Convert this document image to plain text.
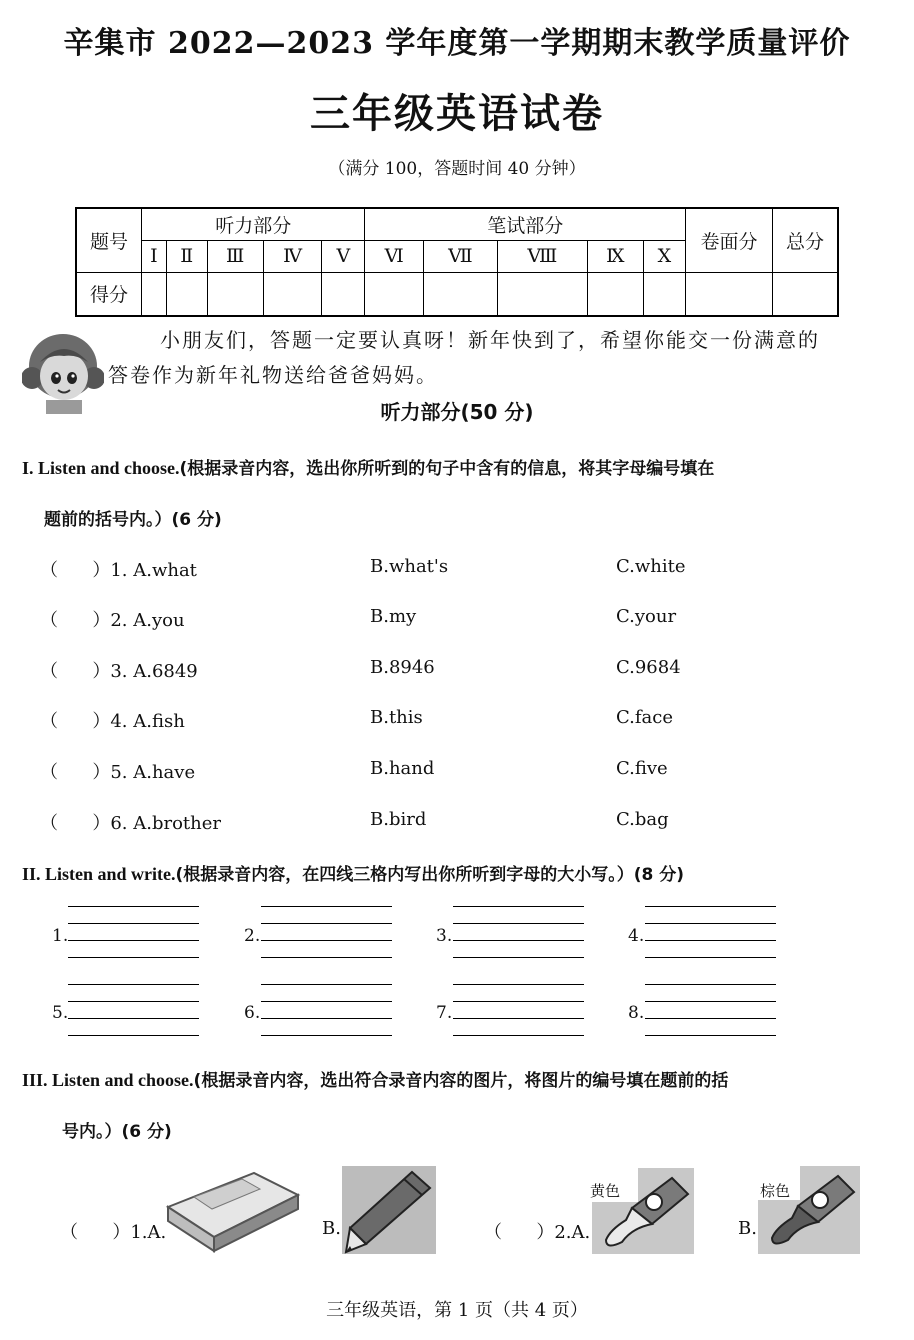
辛集市 2022—2023 学年度第一学期期末教学质量评价
三年级英语试卷
（满分 100，答题时间 40 分钟）
题号	听力部分					笔试部分					卷面分	总分
	Ⅰ	Ⅱ	Ⅲ	Ⅳ	Ⅴ	Ⅵ	Ⅶ	Ⅷ	Ⅸ	Ⅹ		
得分												
小朋友们，答题一定要认真呀！新年快到了，希望你能交一份满意的
答卷作为新年礼物送给爸爸妈妈。
听力部分(50 分)
I. Listen and choose.(根据录音内容，选出你所听到的句子中含有的信息，将其字母编号填在
题前的括号内。）(6 分)
（      ）1. A.what	B.what's	C.white
（      ）2. A.you	B.my	C.your
（      ）3. A.6849	B.8946	C.9684
（      ）4. A.fish	B.this	C.face
（      ）5. A.have	B.hand	C.five
（      ）6. A.brother	B.bird	C.bag
II. Listen and write.(根据录音内容，在四线三格内写出你所听到字母的大小写。）(8 分)
1.	2.	3.	4.
5.	6.	7.	8.
III. Listen and choose.(根据录音内容，选出符合录音内容的图片，将图片的编号填在题前的括
号内。）(6 分)
（      ）1.A.	B.	（      ）2.A.
黄色
B.
棕色
三年级英语，第 1 页（共 4 页）
